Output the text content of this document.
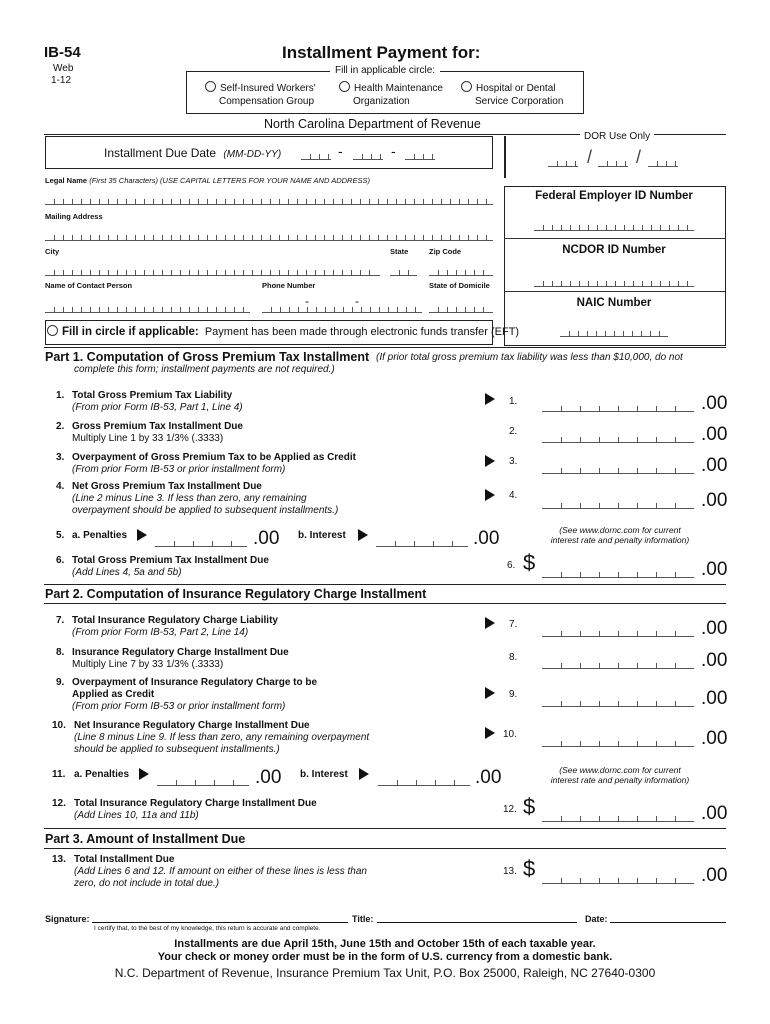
IB-54
Web
1-12
Installment Payment for:
Fill in applicable circle:
Self-Insured Workers'
Compensation Group
Health Maintenance
Organization
Hospital or Dental
Service Corporation
North Carolina Department of Revenue
Installment Due Date (MM-DD-YY)	-	-
DOR Use Only
/ /
Legal Name (First 35 Characters) (USE CAPITAL LETTERS FOR YOUR NAME AND ADDRESS)
Mailing Address
City	State	Zip Code
Name of Contact Person	Phone Number	State of Domicile
-	-
Fill in circle if applicable: Payment has been made through electronic funds transfer (EFT)
Federal Employer ID Number
NCDOR ID Number
NAIC Number
Part 1. Computation of Gross Premium Tax Installment (If prior total gross premium tax liability was less than $10,000, do not
complete this form; installment payments are not required.)
1. Total Gross Premium Tax Liability
(From prior Form IB-53, Part 1, Line 4)
1.	.00
2. Gross Premium Tax Installment Due
Multiply Line 1 by 33 1/3% (.3333)
2.	.00
3. Overpayment of Gross Premium Tax to be Applied as Credit
(From prior Form IB-53 or prior installment form)
3.	.00
4. Net Gross Premium Tax Installment Due
(Line 2 minus Line 3. If less than zero, any remaining
overpayment should be applied to subsequent installments.)
4.	.00
5. a. Penalties	.00 b. Interest	.00	(See www.dornc.com for current
interest rate and penalty information)
6. Total Gross Premium Tax Installment Due
(Add Lines 4, 5a and 5b)
6. $	.00
Part 2. Computation of Insurance Regulatory Charge Installment
7. Total Insurance Regulatory Charge Liability
(From prior Form IB-53, Part 2, Line 14)
7.	.00
8. Insurance Regulatory Charge Installment Due
Multiply Line 7 by 33 1/3% (.3333)
8.	.00
9. Overpayment of Insurance Regulatory Charge to be
Applied as Credit
(From prior Form IB-53 or prior installment form)
9.	.00
10. Net Insurance Regulatory Charge Installment Due
(Line 8 minus Line 9. If less than zero, any remaining overpayment
should be applied to subsequent installments.)
10.	.00
11. a. Penalties	.00 b. Interest	.00	(See www.dornc.com for current
interest rate and penalty information)
12. Total Insurance Regulatory Charge Installment Due
(Add Lines 10, 11a and 11b)
12. $	.00
Part 3. Amount of Installment Due
13. Total Installment Due
(Add Lines 6 and 12. If amount on either of these lines is less than
zero, do not include in total due.)
13. $	.00
Signature:
I certify that, to the best of my knowledge, this return is accurate and complete.
Title:	Date:
Installments are due April 15th, June 15th and October 15th of each taxable year.
Your check or money order must be in the form of U.S. currency from a domestic bank.
N.C. Department of Revenue, Insurance Premium Tax Unit, P.O. Box 25000, Raleigh, NC 27640-0300
